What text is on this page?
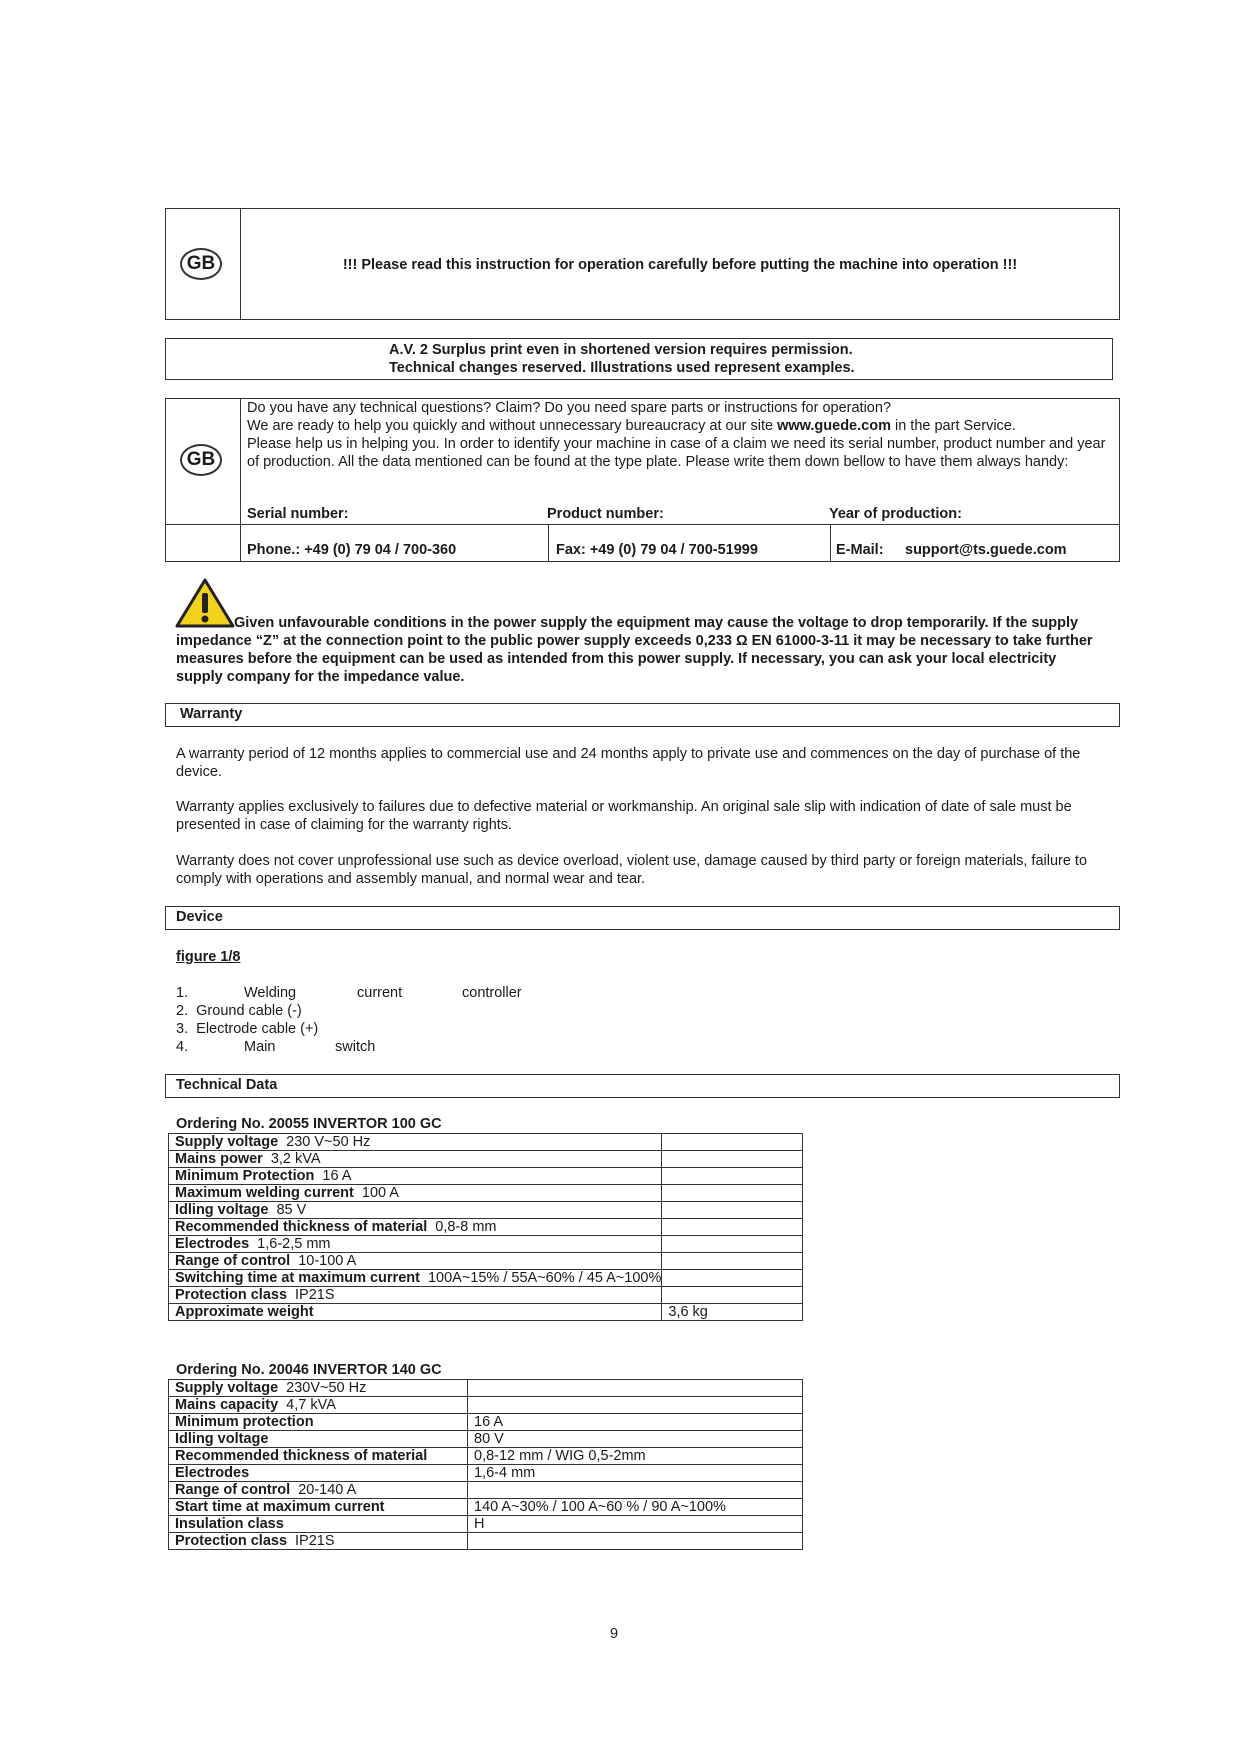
GB	!!! Please read this instruction for operation carefully before putting the machine into operation !!!
A.V. 2 Surplus print even in shortened version requires permission.
Technical changes reserved. Illustrations used represent examples.
GB
Do you have any technical questions? Claim? Do you need spare parts or instructions for operation?
We are ready to help you quickly and without unnecessary bureaucracy at our site www.guede.com in the part Service.
Please help us in helping you. In order to identify your machine in case of a claim we need its serial number, product number and year of production. All the data mentioned can be found at the type plate. Please write them down bellow to have them always handy:
Serial number:	Product number:	Year of production:
Phone.: +49 (0) 79 04 / 700-360	Fax: +49 (0) 79 04 / 700-51999	E-Mail: support@ts.guede.com
Given unfavourable conditions in the power supply the equipment may cause the voltage to drop temporarily. If the supply impedance “Z” at the connection point to the public power supply exceeds 0,233 Ω EN 61000-3-11 it may be necessary to take further measures before the equipment can be used as intended from this power supply. If necessary, you can ask your local electricity supply company for the impedance value.
Warranty

A warranty period of 12 months applies to commercial use and 24 months apply to private use and commences on the day of purchase of the device.

Warranty applies exclusively to failures due to defective material or workmanship. An original sale slip with indication of date of sale must be presented in case of claiming for the warranty rights.

Warranty does not cover unprofessional use such as device overload, violent use, damage caused by third party or foreign materials, failure to comply with operations and assembly manual, and normal wear and tear.

Device
figure 1/8
1.	Welding	current	controller
2. Ground cable (-)
3. Electrode cable (+)
4.	Main	switch
Technical Data
Ordering No. 20055 INVERTOR 100 GC
Supply voltage 230 V~50 Hz	
Mains power 3,2 kVA	
Minimum Protection 16 A	
Maximum welding current 100 A	
Idling voltage 85 V	
Recommended thickness of material 0,8-8 mm	
Electrodes 1,6-2,5 mm	
Range of control 10-100 A	
Switching time at maximum current 100A~15% / 55A~60% / 45 A~100%	
Protection class IP21S	
Approximate weight	3,6 kg
Ordering No. 20046 INVERTOR 140 GC
Supply voltage 230V~50 Hz	
Mains capacity 4,7 kVA	
Minimum protection	16 A
Idling voltage	80 V
Recommended thickness of material	0,8-12 mm / WIG 0,5-2mm
Electrodes	1,6-4 mm
Range of control 20-140 A	
Start time at maximum current	140 A~30% / 100 A~60 % / 90 A~100%
Insulation class	H
Protection class IP21S	
9
